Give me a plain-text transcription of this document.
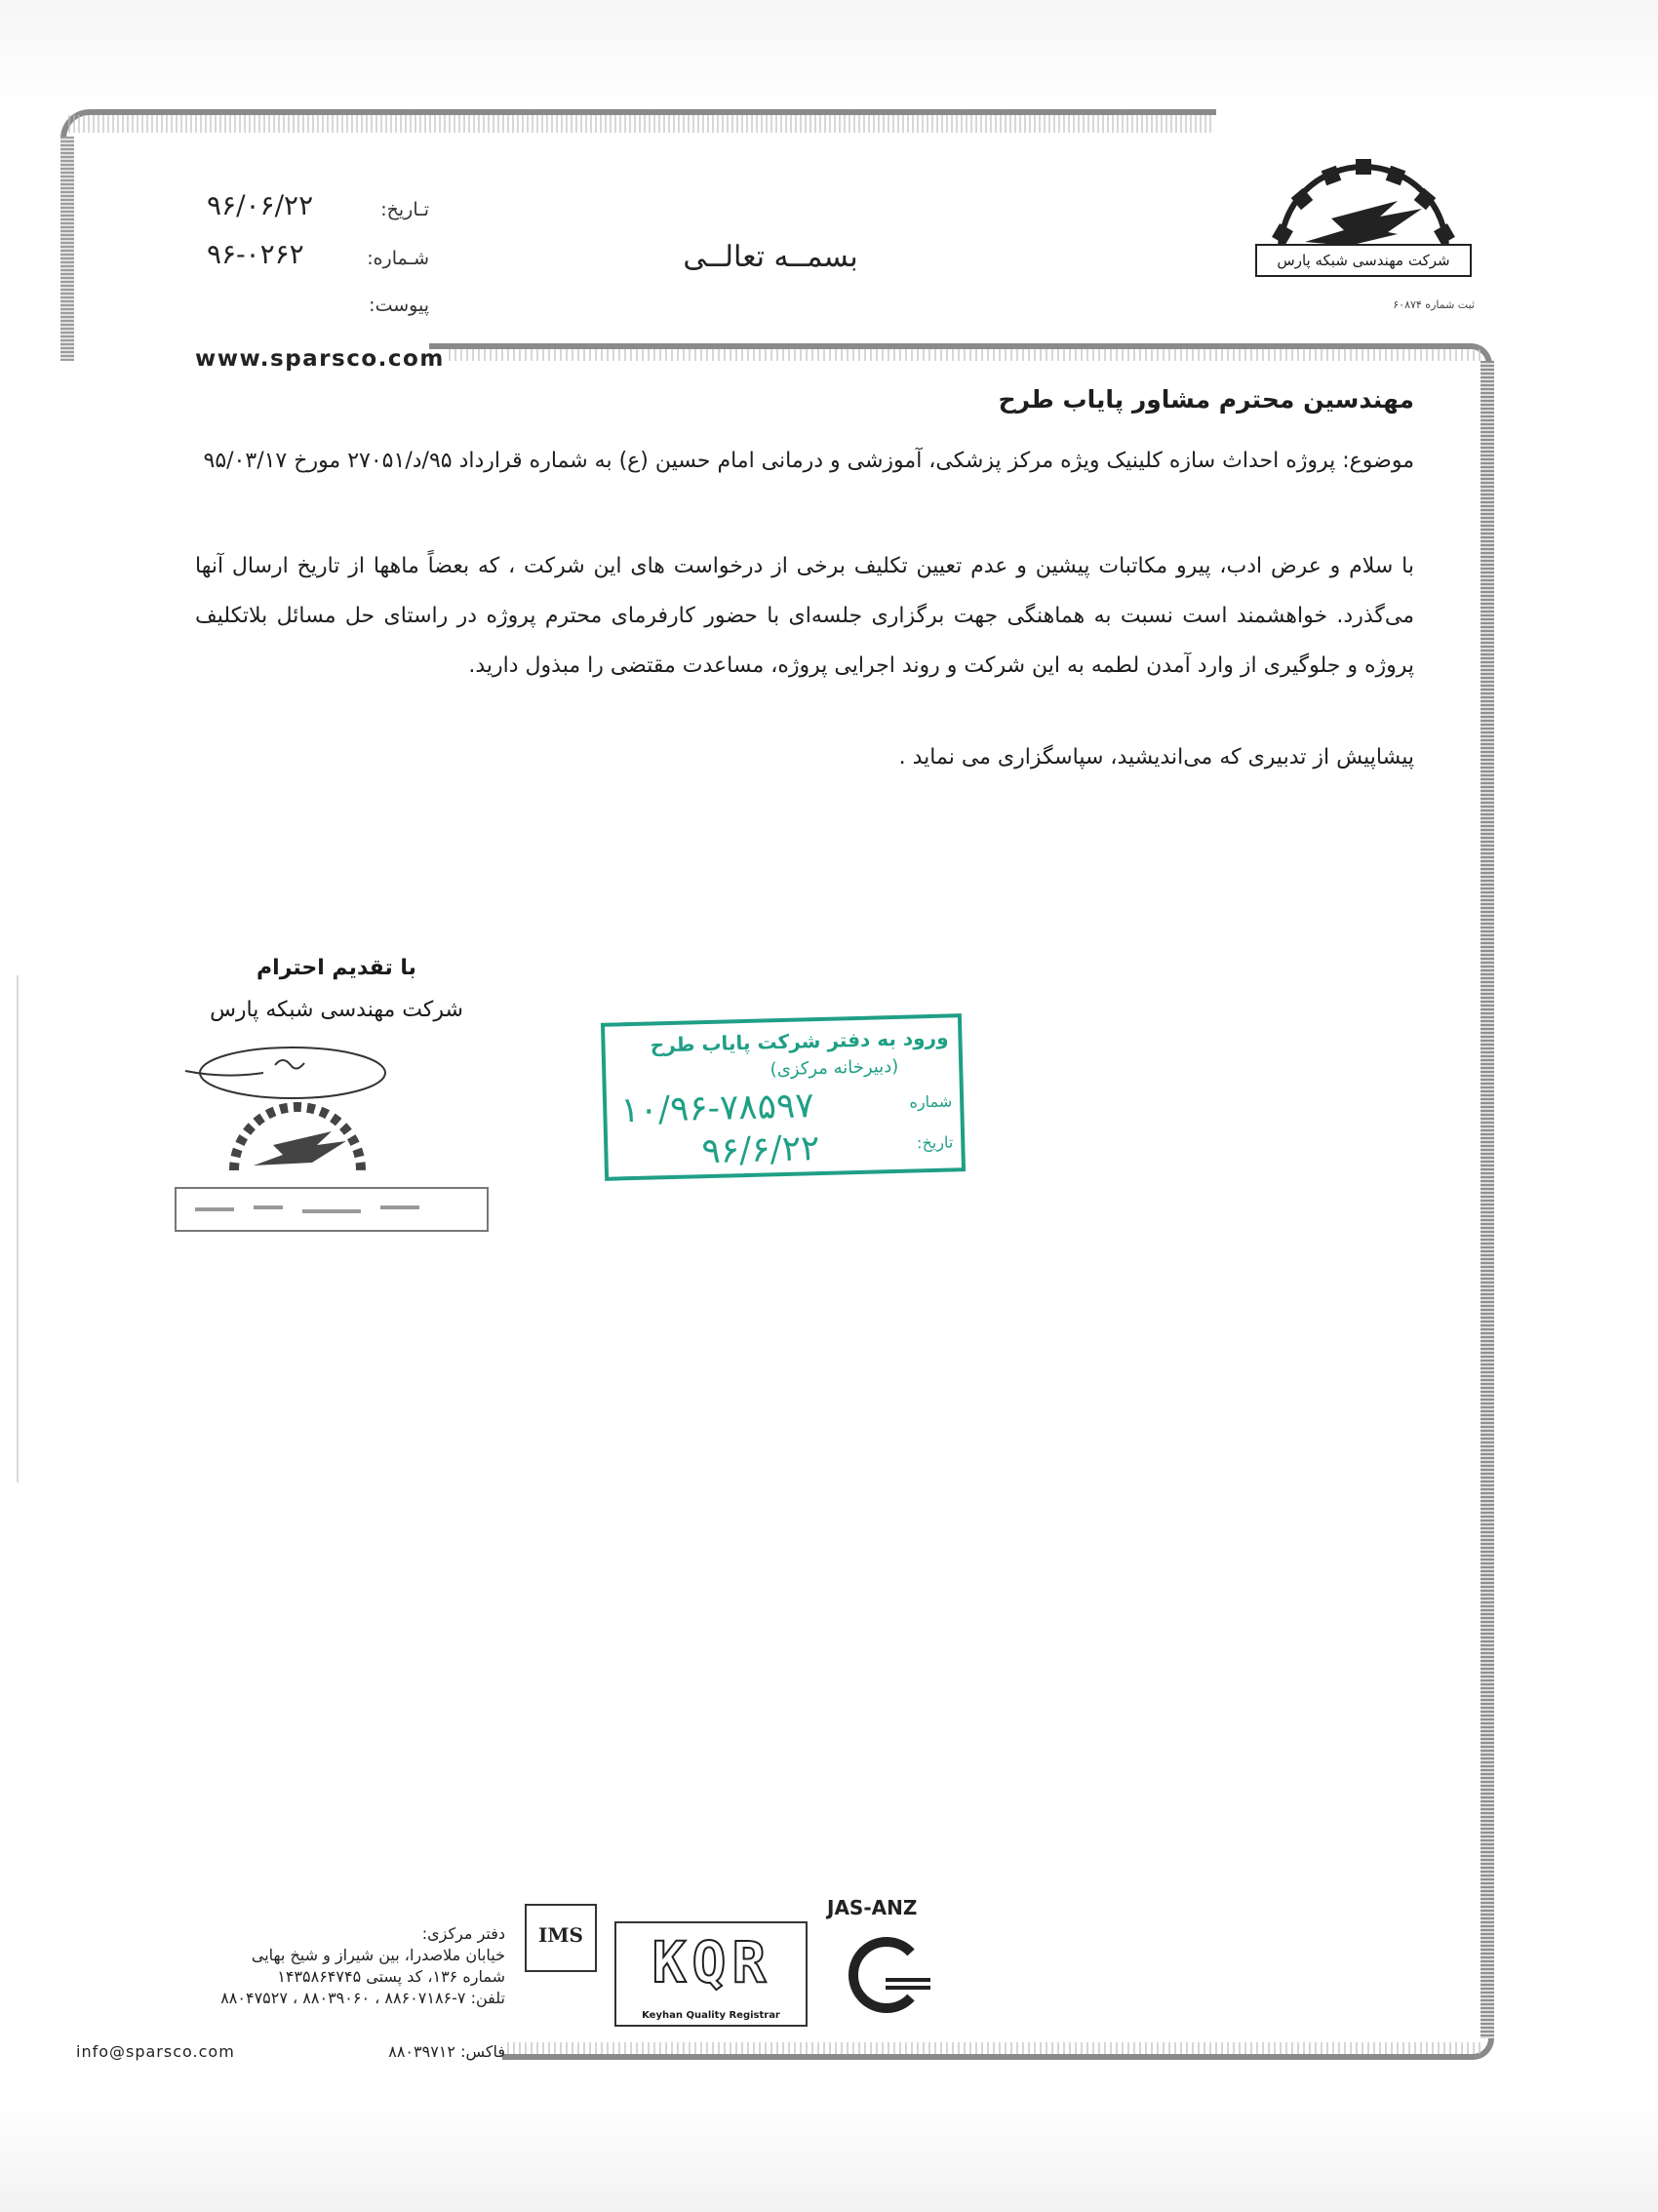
تـاریخ:
۹۶/۰۶/۲۲
شـماره:
۹۶-۰۲۶۲
پیوست:
بسمــه تعالــی
www.sparsco.com
شرکت مهندسی شبکه پارس
ثبت شماره ۶۰۸۷۴
مهندسین محترم مشاور پایاب طرح
موضوع: پروژه احداث سازه کلینیک ویژه مرکز پزشکی، آموزشی و درمانی امام حسین (ع) به شماره قرارداد ۹۵/د/۲۷۰۵۱ مورخ ۹۵/۰۳/۱۷
با سلام و عرض ادب، پیرو مکاتبات پیشین و عدم تعیین تکلیف برخی از درخواست های این شرکت ، که بعضاً ماهها از تاریخ ارسال آنها می‌گذرد. خواهشمند است نسبت به هماهنگی جهت برگزاری جلسه‌ای با حضور کارفرمای محترم پروژه در راستای حل مسائل بلاتکلیف پروژه و جلوگیری از وارد آمدن لطمه به این شرکت و روند اجرایی پروژه، مساعدت مقتضی را مبذول دارید.
پیشاپیش از تدبیری که می‌اندیشید، سپاسگزاری می نماید .
با تقدیم احترام
شرکت مهندسی شبکه پارس
ورود به دفتر شرکت پایاب طرح
(دبیرخانه مرکزی)
شماره
۱۰/۹۶-۷۸۵۹۷
تاریخ:
۹۶/۶/۲۲
دفتر مرکزی:
خیابان ملاصدرا، بین شیراز و شیخ بهایی
شماره ۱۳۶، کد پستی ۱۴۳۵۸۶۴۷۴۵
تلفن: ۷-۸۸۶۰۷۱۸۶ ، ۸۸۰۳۹۰۶۰ ، ۸۸۰۴۷۵۲۷
info@sparsco.com	فاکس: ۸۸۰۳۹۷۱۲
IMS	KQR
Keyhan Quality Registrar
JAS-ANZ
